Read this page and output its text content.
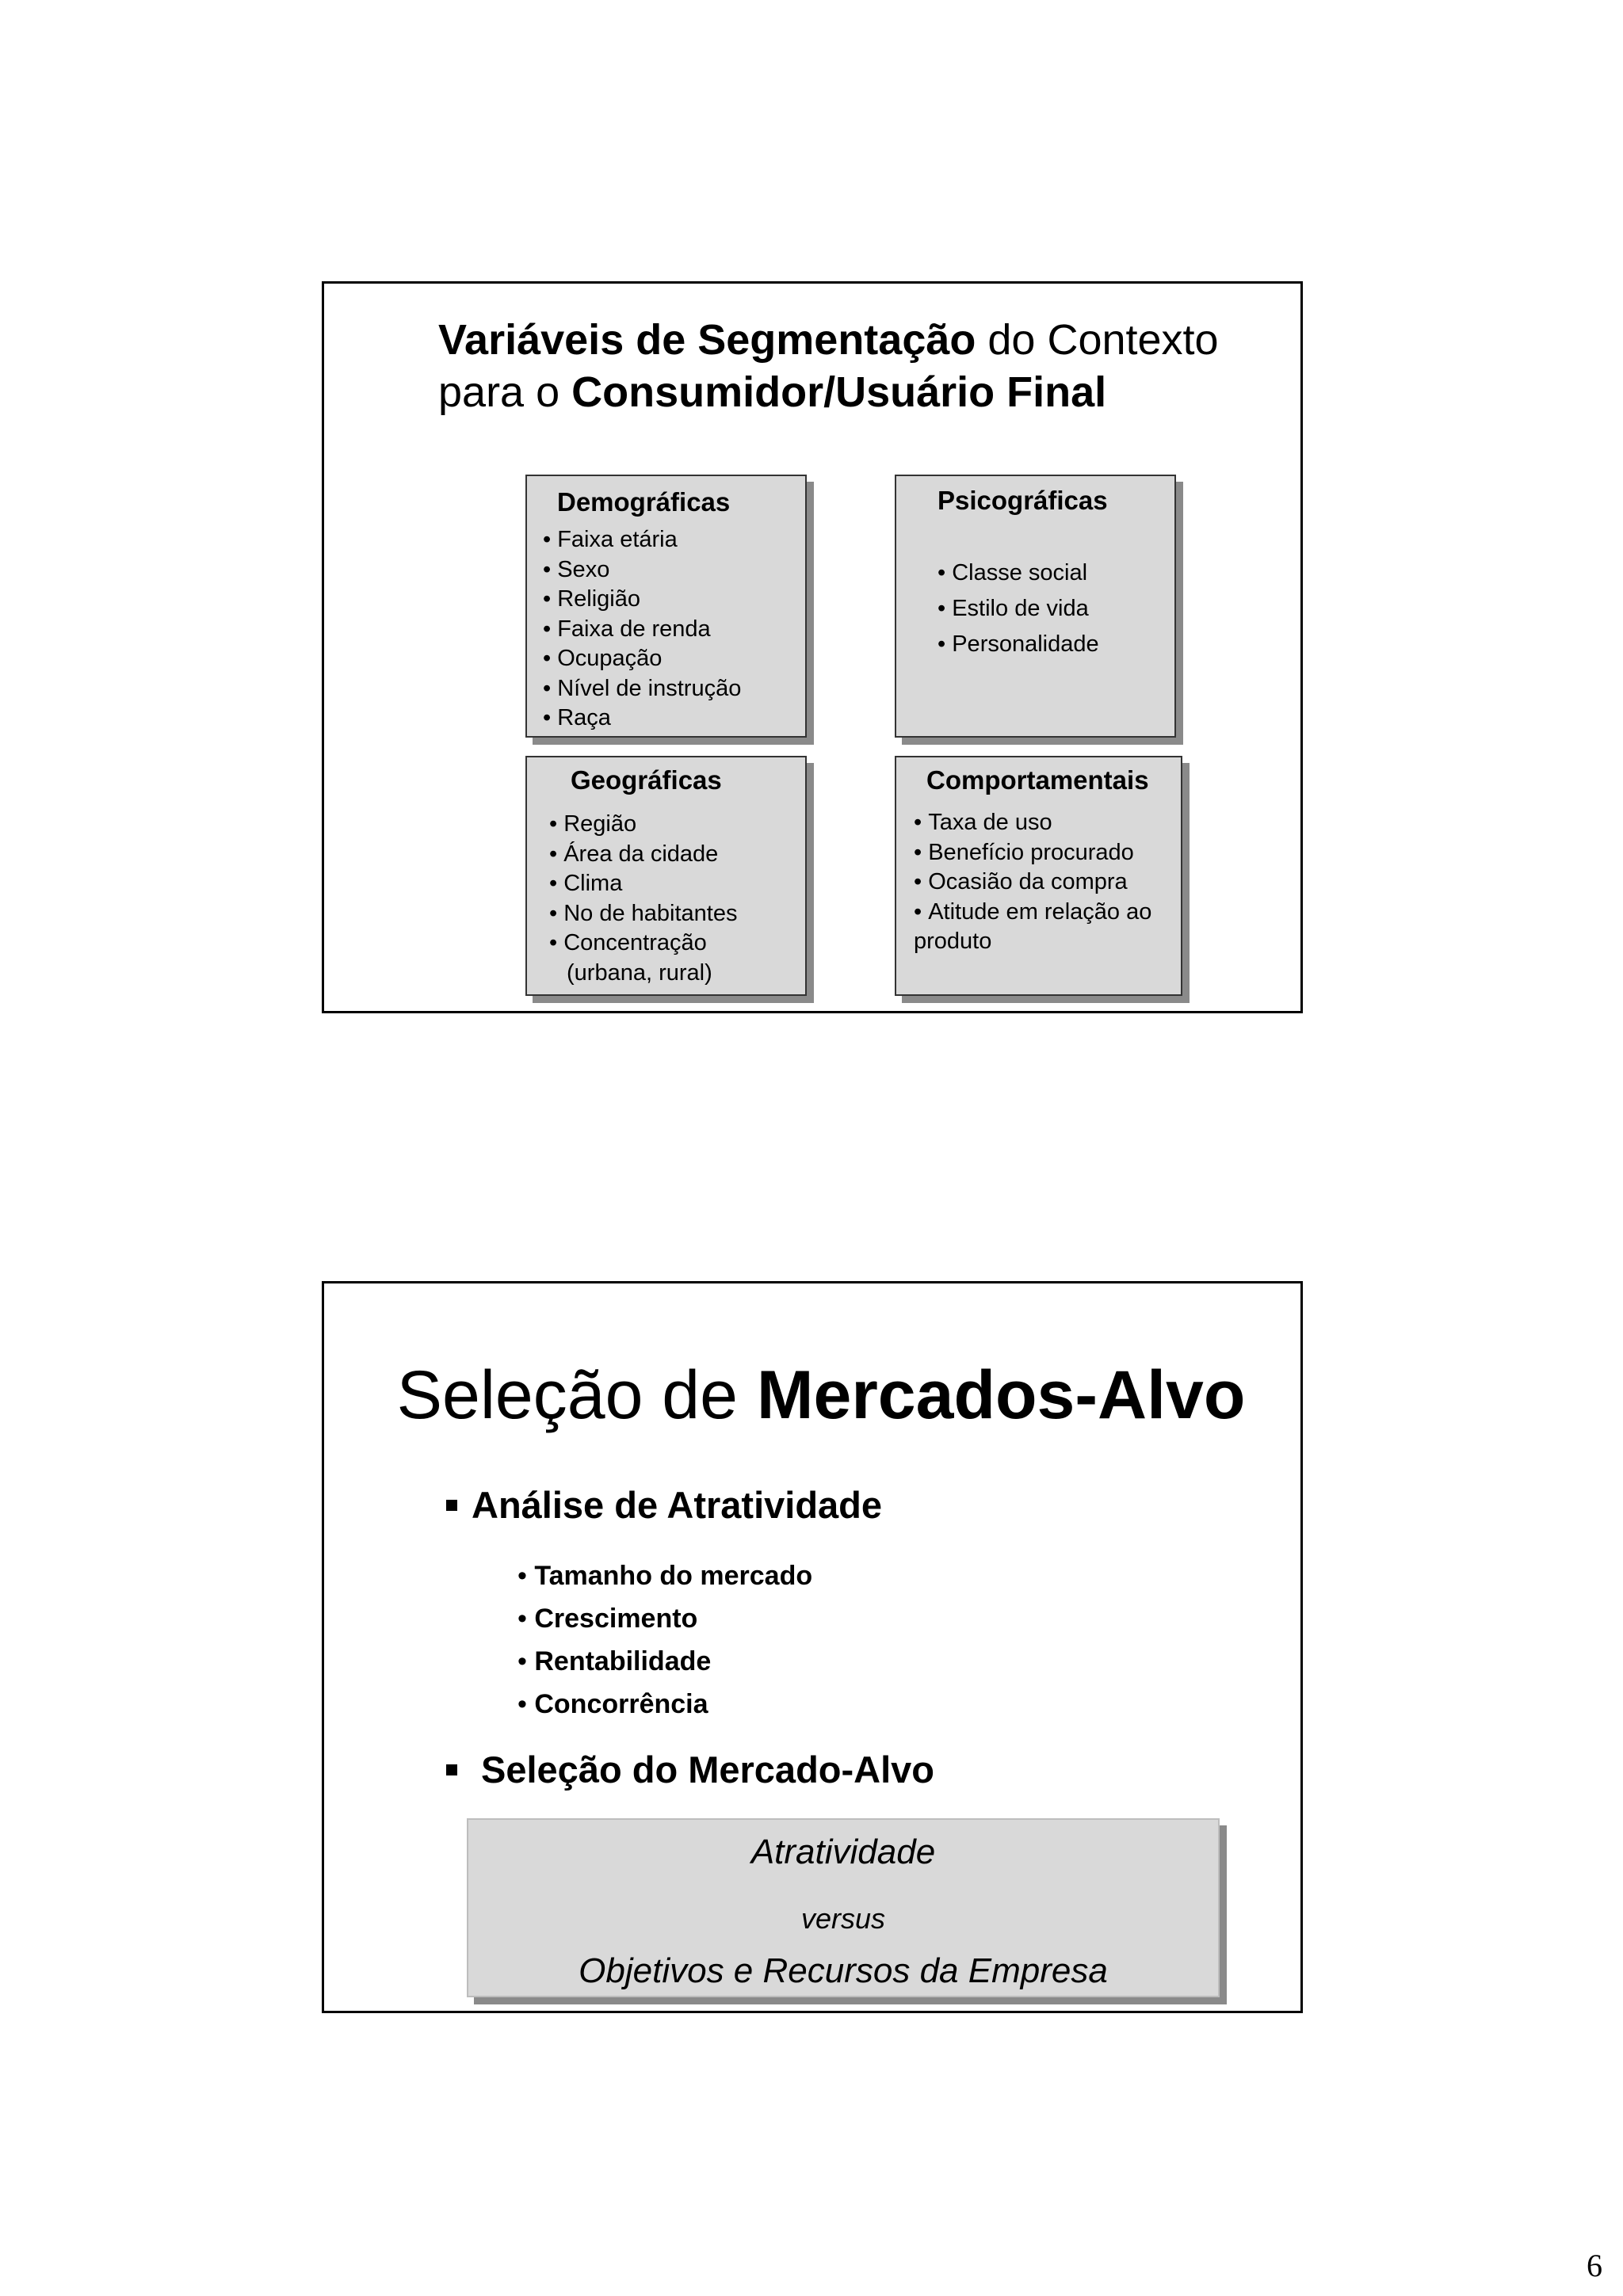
Variáveis de Segmentação do Contexto
para o Consumidor/Usuário Final
Demográficas
• Faixa etária
• Sexo
• Religião
• Faixa de renda
• Ocupação
• Nível de instrução
• Raça
Psicográficas
• Classe social
• Estilo de vida
• Personalidade
Geográficas
• Região
• Área da cidade
• Clima
• No de habitantes
• Concentração
(urbana, rural)
Comportamentais
• Taxa de uso
• Benefício procurado
• Ocasião da compra
• Atitude em relação ao
produto
Seleção de Mercados-Alvo
Análise de Atratividade
• Tamanho do mercado
• Crescimento
• Rentabilidade
• Concorrência
Seleção do Mercado-Alvo
Atratividade
versus
Objetivos e Recursos da Empresa
6
